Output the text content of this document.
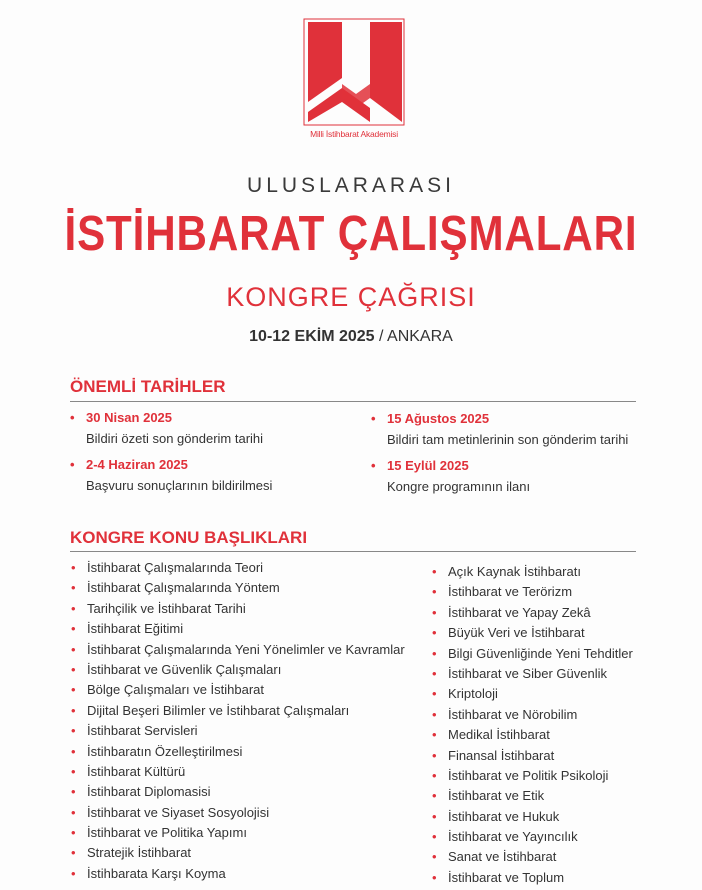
Milli İstihbarat Akademisi
ULUSLARARASI
İSTİHBARAT ÇALIŞMALARI
KONGRE ÇAĞRISI
10-12 EKİM 2025 / ANKARA
ÖNEMLİ TARİHLER
• 30 Nisan 2025
Bildiri özeti son gönderim tarihi
• 2-4 Haziran 2025
Başvuru sonuçlarının bildirilmesi
• 15 Ağustos 2025
Bildiri tam metinlerinin son gönderim tarihi
• 15 Eylül 2025
Kongre programının ilanı
KONGRE KONU BAŞLIKLARI
• İstihbarat Çalışmalarında Teori
• İstihbarat Çalışmalarında Yöntem
• Tarihçilik ve İstihbarat Tarihi
• İstihbarat Eğitimi
• İstihbarat Çalışmalarında Yeni Yönelimler ve Kavramlar
• İstihbarat ve Güvenlik Çalışmaları
• Bölge Çalışmaları ve İstihbarat
• Dijital Beşeri Bilimler ve İstihbarat Çalışmaları
• İstihbarat Servisleri
• İstihbaratın Özelleştirilmesi
• İstihbarat Kültürü
• İstihbarat Diplomasisi
• İstihbarat ve Siyaset Sosyolojisi
• İstihbarat ve Politika Yapımı
• Stratejik İstihbarat
• İstihbarata Karşı Koyma
• Açık Kaynak İstihbaratı
• İstihbarat ve Terörizm
• İstihbarat ve Yapay Zekâ
• Büyük Veri ve İstihbarat
• Bilgi Güvenliğinde Yeni Tehditler
• İstihbarat ve Siber Güvenlik
• Kriptoloji
• İstihbarat ve Nörobilim
• Medikal İstihbarat
• Finansal İstihbarat
• İstihbarat ve Politik Psikoloji
• İstihbarat ve Etik
• İstihbarat ve Hukuk
• İstihbarat ve Yayıncılık
• Sanat ve İstihbarat
• İstihbarat ve Toplum
